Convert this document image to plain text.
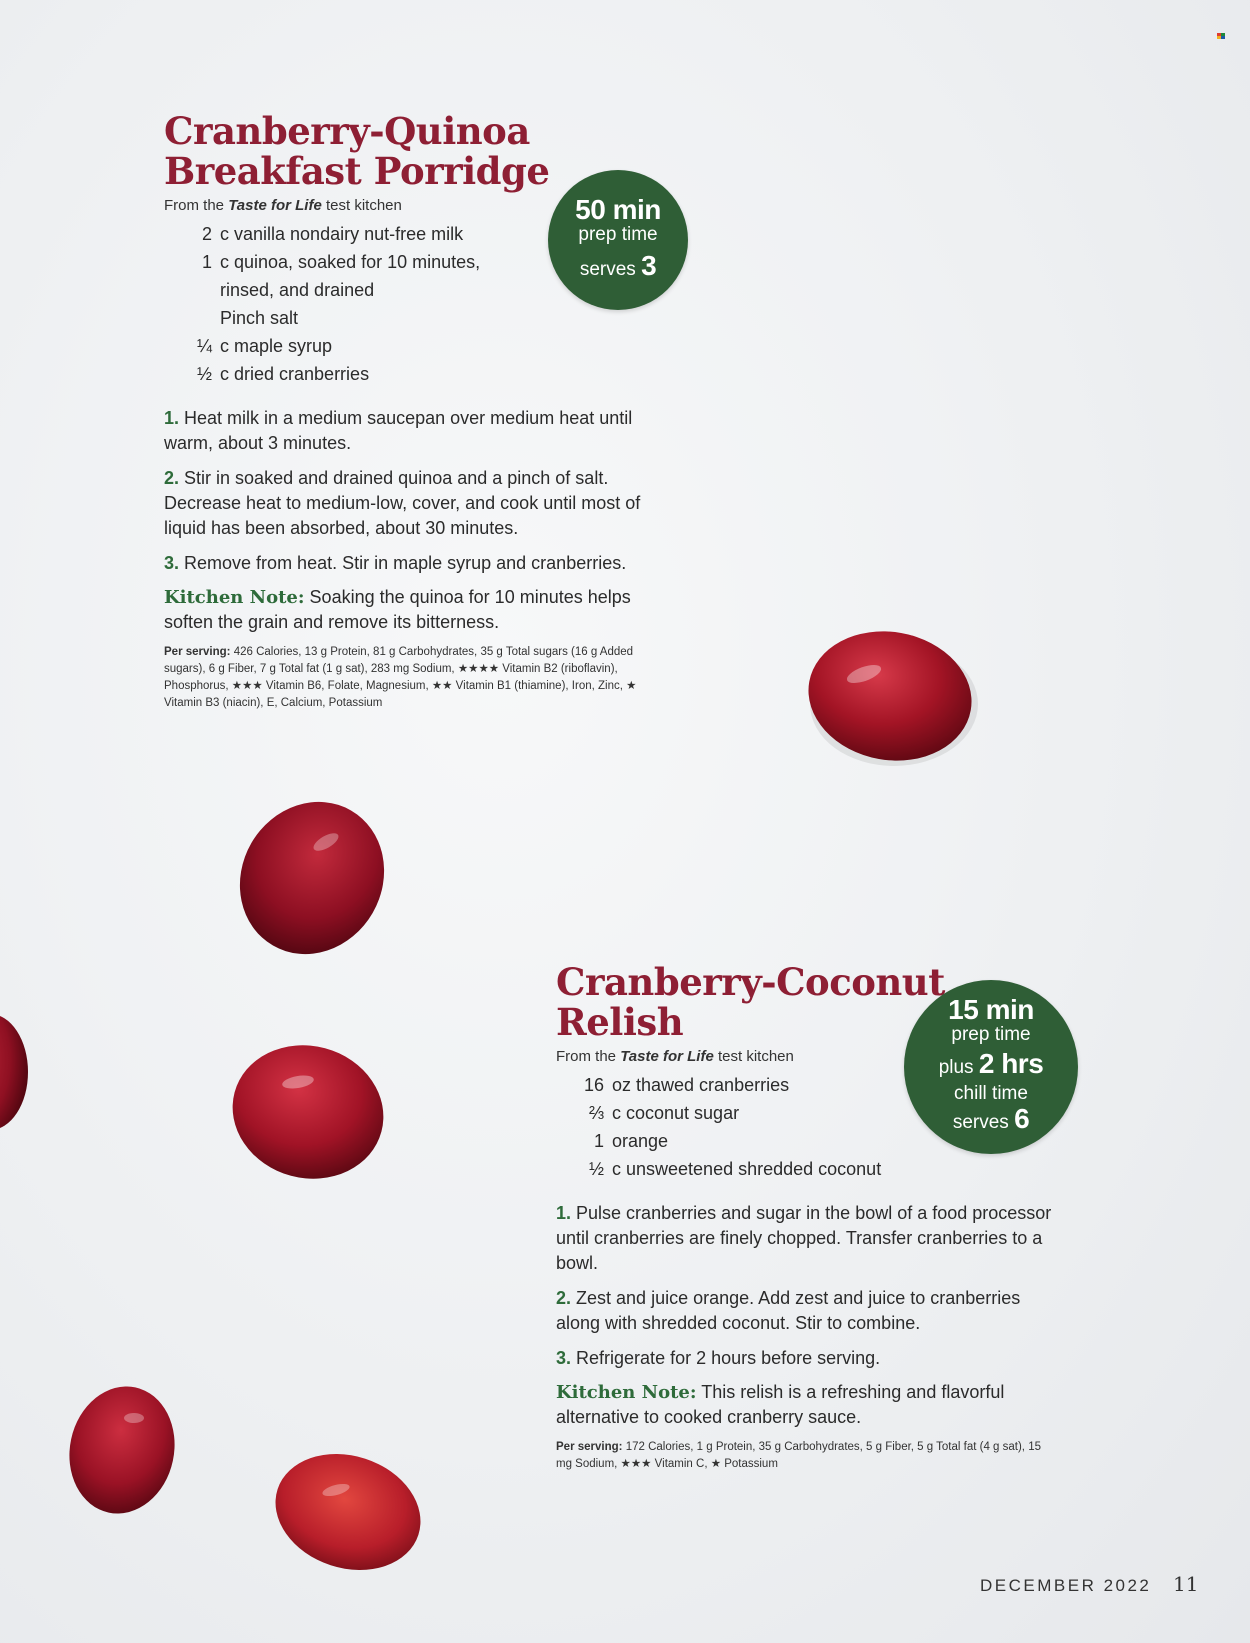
Cranberry-Quinoa
Breakfast Porridge

From the Taste for Life test kitchen

2 c vanilla nondairy nut-free milk
1 c quinoa, soaked for 10 minutes,
rinsed, and drained
Pinch salt
¼ c maple syrup
½ c dried cranberries
1. Heat milk in a medium saucepan over medium heat until warm, about 3 minutes.
2. Stir in soaked and drained quinoa and a pinch of salt. Decrease heat to medium-low, cover, and cook until most of liquid has been absorbed, about 30 minutes.
3. Remove from heat. Stir in maple syrup and cranberries.
Kitchen Note: Soaking the quinoa for 10 minutes helps soften the grain and remove its bitterness.
Per serving: 426 Calories, 13 g Protein, 81 g Carbohydrates, 35 g Total sugars (16 g Added sugars), 6 g Fiber, 7 g Total fat (1 g sat), 283 mg Sodium, ★★★★ Vitamin B2 (riboflavin), Phosphorus, ★★★ Vitamin B6, Folate, Magnesium, ★★ Vitamin B1 (thiamine), Iron, Zinc, ★ Vitamin B3 (niacin), E, Calcium, Potassium
50 min
prep time
serves 3
Cranberry-Coconut
Relish

From the Taste for Life test kitchen

16 oz thawed cranberries
⅔ c coconut sugar
1 orange
½ c unsweetened shredded coconut
1. Pulse cranberries and sugar in the bowl of a food processor until cranberries are finely chopped. Transfer cranberries to a bowl.
2. Zest and juice orange. Add zest and juice to cranberries along with shredded coconut. Stir to combine.
3. Refrigerate for 2 hours before serving.
Kitchen Note: This relish is a refreshing and flavorful alternative to cooked cranberry sauce.
Per serving: 172 Calories, 1 g Protein, 35 g Carbohydrates, 5 g Fiber, 5 g Total fat (4 g sat), 15 mg Sodium, ★★★ Vitamin C, ★ Potassium
15 min
prep time
plus 2 hrs
chill time
serves 6
DECEMBER 2022 11
